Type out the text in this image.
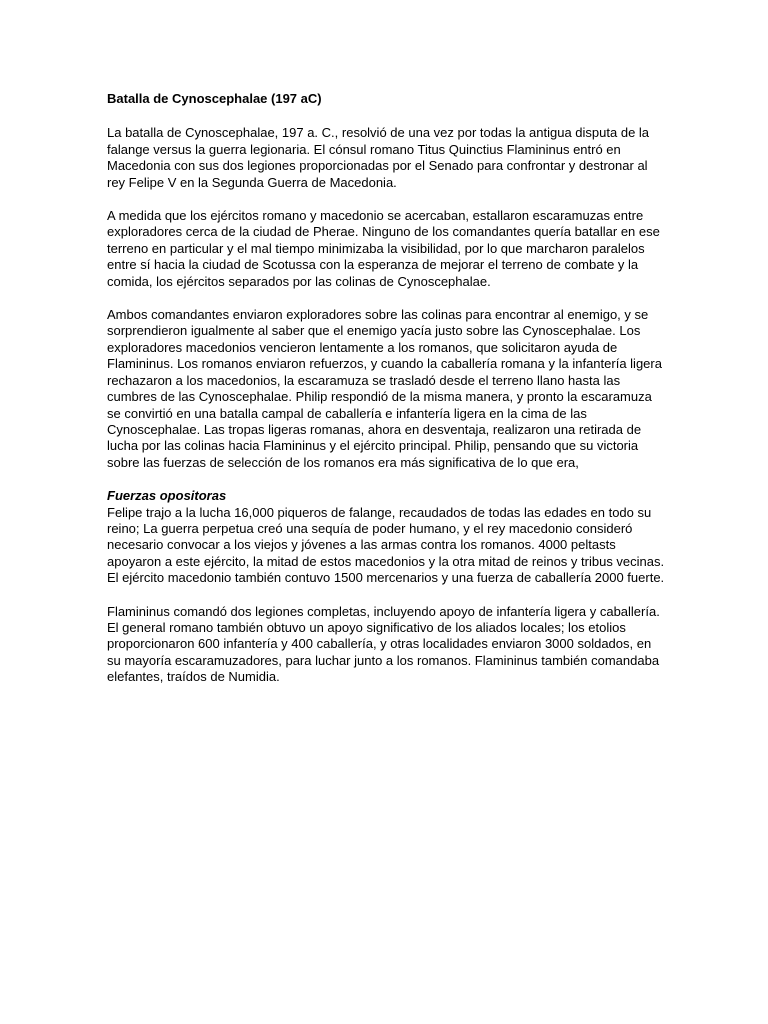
Batalla de Cynoscephalae (197 aC)
La batalla de Cynoscephalae, 197 a. C., resolvió de una vez por todas la antigua disputa de la falange versus la guerra legionaria. El cónsul romano Titus Quinctius Flamininus entró en Macedonia con sus dos legiones proporcionadas por el Senado para confrontar y destronar al rey Felipe V en la Segunda Guerra de Macedonia.
A medida que los ejércitos romano y macedonio se acercaban, estallaron escaramuzas entre exploradores cerca de la ciudad de Pherae. Ninguno de los comandantes quería batallar en ese terreno en particular y el mal tiempo minimizaba la visibilidad, por lo que marcharon paralelos entre sí hacia la ciudad de Scotussa con la esperanza de mejorar el terreno de combate y la comida, los ejércitos separados por las colinas de Cynoscephalae.
Ambos comandantes enviaron exploradores sobre las colinas para encontrar al enemigo, y se sorprendieron igualmente al saber que el enemigo yacía justo sobre las Cynoscephalae. Los exploradores macedonios vencieron lentamente a los romanos, que solicitaron ayuda de Flamininus. Los romanos enviaron refuerzos, y cuando la caballería romana y la infantería ligera rechazaron a los macedonios, la escaramuza se trasladó desde el terreno llano hasta las cumbres de las Cynoscephalae. Philip respondió de la misma manera, y pronto la escaramuza se convirtió en una batalla campal de caballería e infantería ligera en la cima de las Cynoscephalae. Las tropas ligeras romanas, ahora en desventaja, realizaron una retirada de lucha por las colinas hacia Flamininus y el ejército principal. Philip, pensando que su victoria sobre las fuerzas de selección de los romanos era más significativa de lo que era,
Fuerzas opositoras
Felipe trajo a la lucha 16,000 piqueros de falange, recaudados de todas las edades en todo su reino; La guerra perpetua creó una sequía de poder humano, y el rey macedonio consideró necesario convocar a los viejos y jóvenes a las armas contra los romanos. 4000 peltasts apoyaron a este ejército, la mitad de estos macedonios y la otra mitad de reinos y tribus vecinas. El ejército macedonio también contuvo 1500 mercenarios y una fuerza de caballería 2000 fuerte.
Flamininus comandó dos legiones completas, incluyendo apoyo de infantería ligera y caballería. El general romano también obtuvo un apoyo significativo de los aliados locales; los etolios proporcionaron 600 infantería y 400 caballería, y otras localidades enviaron 3000 soldados, en su mayoría escaramuzadores, para luchar junto a los romanos. Flamininus también comandaba elefantes, traídos de Numidia.
